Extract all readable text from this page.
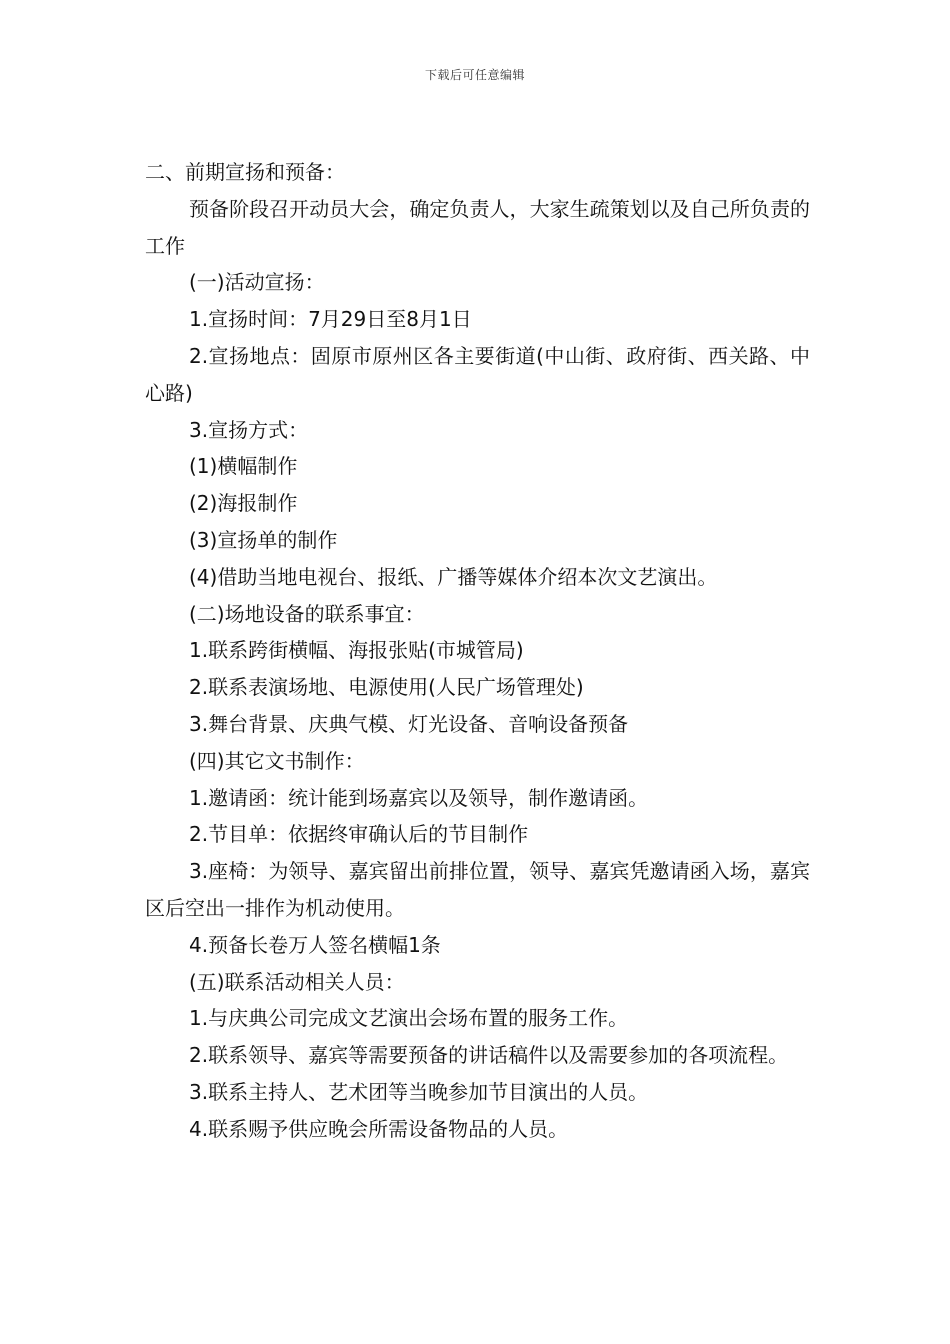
下载后可任意编辑

二、前期宣扬和预备：

预备阶段召开动员大会，确定负责人，大家生疏策划以及自己所负责的工作

(一)活动宣扬：

1.宣扬时间：7月29日至8月1日

2.宣扬地点：固原市原州区各主要街道(中山街、政府街、西关路、中心路)

3.宣扬方式：

(1)横幅制作

(2)海报制作

(3)宣扬单的制作

(4)借助当地电视台、报纸、广播等媒体介绍本次文艺演出。

(二)场地设备的联系事宜：

1.联系跨街横幅、海报张贴(市城管局)

2.联系表演场地、电源使用(人民广场管理处)

3.舞台背景、庆典气模、灯光设备、音响设备预备

(四)其它文书制作：

1.邀请函：统计能到场嘉宾以及领导，制作邀请函。

2.节目单：依据终审确认后的节目制作

3.座椅：为领导、嘉宾留出前排位置，领导、嘉宾凭邀请函入场，嘉宾区后空出一排作为机动使用。

4.预备长卷万人签名横幅1条

(五)联系活动相关人员：

1.与庆典公司完成文艺演出会场布置的服务工作。

2.联系领导、嘉宾等需要预备的讲话稿件以及需要参加的各项流程。

3.联系主持人、艺术团等当晚参加节目演出的人员。

4.联系赐予供应晚会所需设备物品的人员。
